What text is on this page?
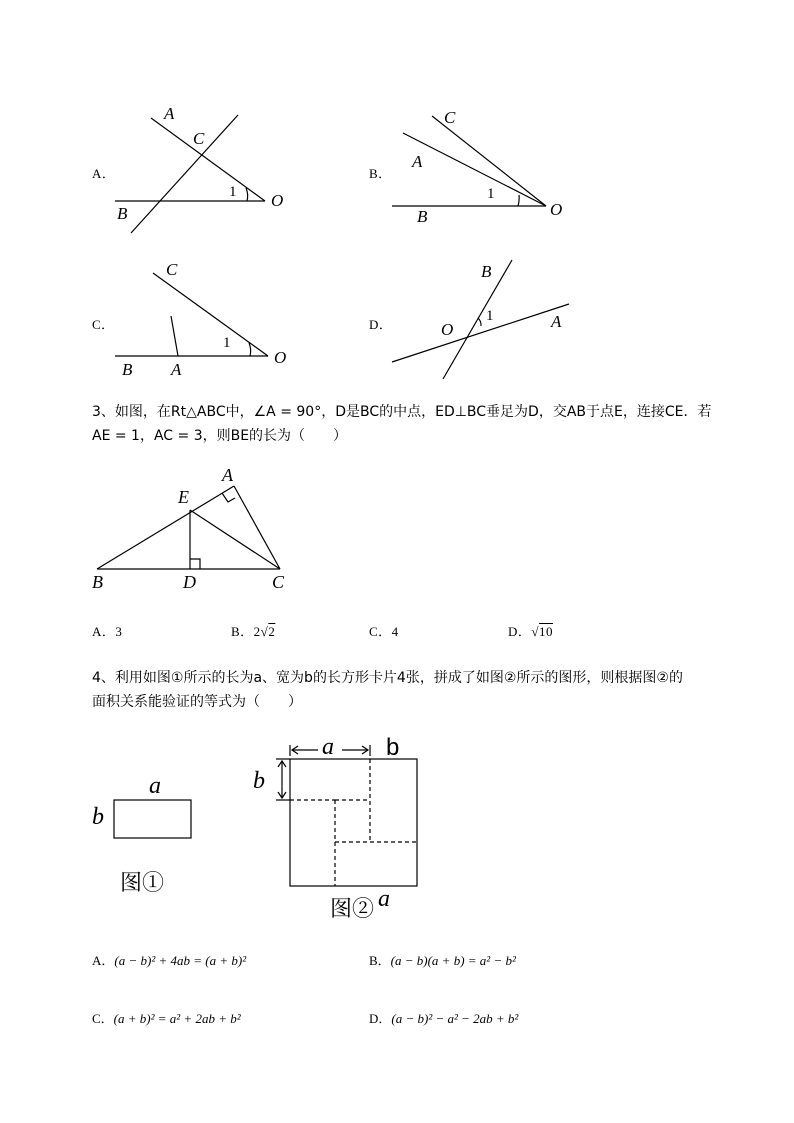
A．
A
C
B
O
1
B．
C
A
B	O
1
C．
C
B A
O
1
D．
B
O	A
1
3、如图，在Rt△ABC中，∠A = 90°，D是BC的中点，ED⊥BC垂足为D，交AB于点E，连接CE．若
AE = 1，AC = 3，则BE的长为（　　）
A
E
B	D	C
A．3	B．2√2	C．4	D．√10
4、利用如图①所示的长为a、宽为b的长方形卡片4张，拼成了如图②所示的图形，则根据图②的
面积关系能验证的等式为（　　）
a
b
图①
a b
b
图② a
A．(a − b)² + 4ab = (a + b)²	B．(a − b)(a + b) = a² − b²
C．(a + b)² = a² + 2ab + b²	D．(a − b)² − a² − 2ab + b²
